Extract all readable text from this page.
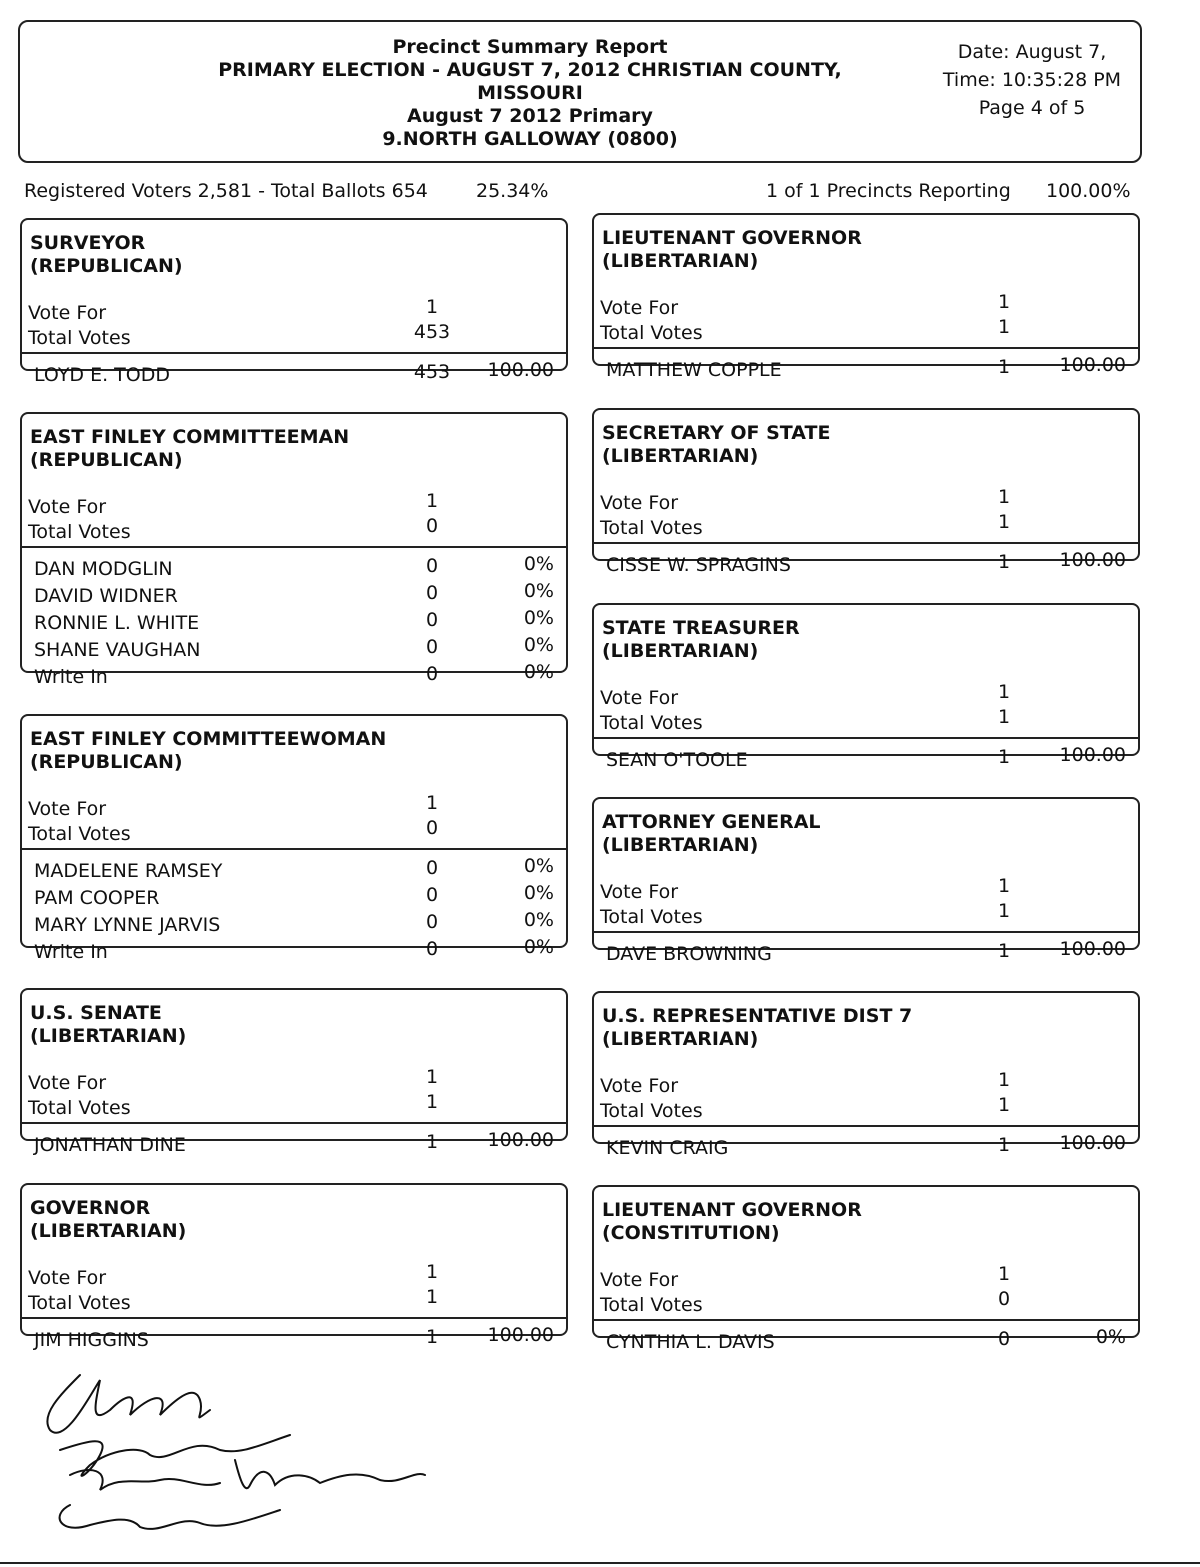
Precinct Summary Report
PRIMARY ELECTION - AUGUST 7, 2012 CHRISTIAN COUNTY,
MISSOURI
August 7 2012 Primary
9.NORTH GALLOWAY (0800)
Date: August 7,
Time: 10:35:28 PM
Page 4 of 5
Registered Voters 2,581 - Total Ballots 654	25.34%	1 of 1 Precincts Reporting 100.00%
SURVEYOR
(REPUBLICAN)
Vote For	1
Total Votes	453
LOYD E. TODD	453	100.00
EAST FINLEY COMMITTEEMAN
(REPUBLICAN)
Vote For	1
Total Votes	0
DAN MODGLIN	0	0%
DAVID WIDNER	0	0%
RONNIE L. WHITE	0	0%
SHANE VAUGHAN	0	0%
Write In	0	0%
EAST FINLEY COMMITTEEWOMAN
(REPUBLICAN)
Vote For	1
Total Votes	0
MADELENE RAMSEY	0	0%
PAM COOPER	0	0%
MARY LYNNE JARVIS	0	0%
Write In	0	0%
U.S. SENATE
(LIBERTARIAN)
Vote For	1
Total Votes	1
JONATHAN DINE	1	100.00
GOVERNOR
(LIBERTARIAN)
Vote For	1
Total Votes	1
JIM HIGGINS	1	100.00
LIEUTENANT GOVERNOR
(LIBERTARIAN)
Vote For	1
Total Votes	1
MATTHEW COPPLE	1	100.00
SECRETARY OF STATE
(LIBERTARIAN)
Vote For	1
Total Votes	1
CISSE W. SPRAGINS	1	100.00
STATE TREASURER
(LIBERTARIAN)
Vote For	1
Total Votes	1
SEAN O'TOOLE	1	100.00
ATTORNEY GENERAL
(LIBERTARIAN)
Vote For	1
Total Votes	1
DAVE BROWNING	1	100.00
U.S. REPRESENTATIVE DIST 7
(LIBERTARIAN)
Vote For	1
Total Votes	1
KEVIN CRAIG	1	100.00
LIEUTENANT GOVERNOR
(CONSTITUTION)
Vote For	1
Total Votes	0
CYNTHIA L. DAVIS	0	0%
